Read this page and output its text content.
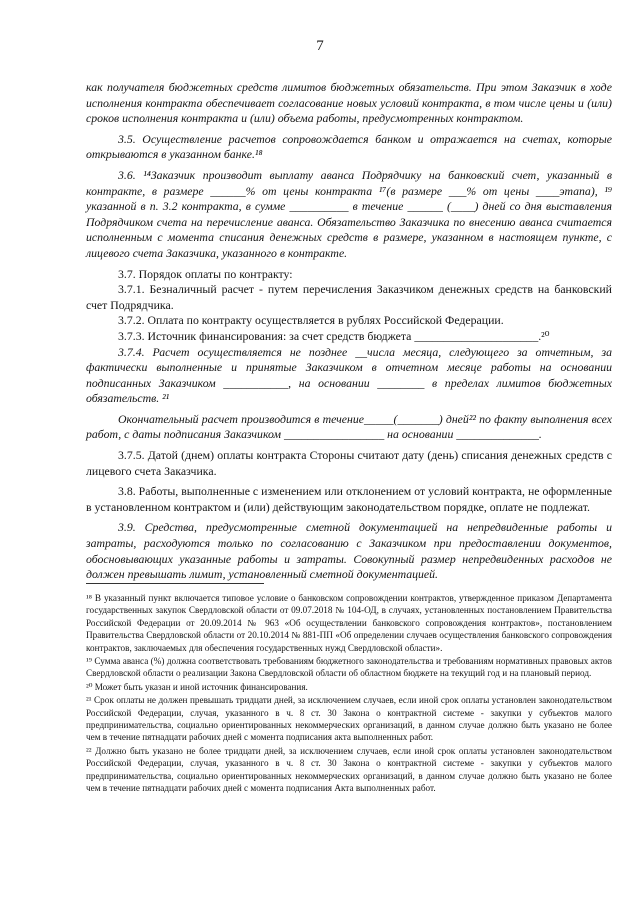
7

как получателя бюджетных средств лимитов бюджетных обязательств. При этом Заказчик в ходе исполнения контракта обеспечивает согласование новых условий контракта, в том числе цены и (или) сроков исполнения контракта и (или) объема работы, предусмотренных контрактом.

3.5. Осуществление расчетов сопровождается банком и отражается на счетах, которые открываются в указанном банке.¹⁸

3.6. ¹⁴Заказчик производит выплату аванса Подрядчику на банковский счет, указанный в контракте, в размере ______% от цены контракта ¹⁷(в размере ___% от цены ____этапа), ¹⁹ указанной в п. 3.2 контракта, в сумме __________ в течение ______ (____) дней со дня выставления Подрядчиком счета на перечисление аванса. Обязательство Заказчика по внесению аванса считается исполненным с момента списания денежных средств в размере, указанном в настоящем пункте, с лицевого счета Заказчика, указанного в контракте.

3.7. Порядок оплаты по контракту:

3.7.1. Безналичный расчет - путем перечисления Заказчиком денежных средств на банковский счет Подрядчика.

3.7.2. Оплата по контракту осуществляется в рублях Российской Федерации.

3.7.3. Источник финансирования: за счет средств бюджета _____________________.²⁰

3.7.4. Расчет осуществляется не позднее __числа месяца, следующего за отчетным, за фактически выполненные и принятые Заказчиком в отчетном месяце работы на основании подписанных Заказчиком ___________, на основании ________ в пределах лимитов бюджетных обязательств. ²¹

Окончательный расчет производится в течение_____(_______) дней²² по факту выполнения всех работ, с даты подписания Заказчиком _________________ на основании ______________.

3.7.5. Датой (днем) оплаты контракта Стороны считают дату (день) списания денежных средств с лицевого счета Заказчика.

3.8. Работы, выполненные с изменением или отклонением от условий контракта, не оформленные в установленном контрактом и (или) действующим законодательством порядке, оплате не подлежат.

3.9. Средства, предусмотренные сметной документацией на непредвиденные работы и затраты, расходуются только по согласованию с Заказчиком при предоставлении документов, обосновывающих указанные работы и затраты. Совокупный размер непредвиденных расходов не должен превышать лимит, установленный сметной документацией.

¹⁸ В указанный пункт включается типовое условие о банковском сопровождении контрактов, утвержденное приказом Департамента государственных закупок Свердловской области от 09.07.2018 № 104-ОД, в случаях, установленных постановлением Правительства Российской Федерации от 20.09.2014 № 963 «Об осуществлении банковского сопровождения контрактов», постановлением Правительства Свердловской области от 20.10.2014 № 881-ПП «Об определении случаев осуществления банковского сопровождения контрактов, заключаемых для обеспечения государственных нужд Свердловской области».

¹⁹ Сумма аванса (%) должна соответствовать требованиям бюджетного законодательства и требованиям нормативных правовых актов Свердловской области о реализации Закона Свердловской области об областном бюджете на текущий год и на плановый период.

²⁰ Может быть указан и иной источник финансирования.

²¹ Срок оплаты не должен превышать тридцати дней, за исключением случаев, если иной срок оплаты установлен законодательством Российской Федерации, случая, указанного в ч. 8 ст. 30 Закона о контрактной системе - закупки у субъектов малого предпринимательства, социально ориентированных некоммерческих организаций, в данном случае должно быть указано не более чем в течение пятнадцати рабочих дней с момента подписания акта выполненных работ.

²² Должно быть указано не более тридцати дней, за исключением случаев, если иной срок оплаты установлен законодательством Российской Федерации, случая, указанного в ч. 8 ст. 30 Закона о контрактной системе - закупки у субъектов малого предпринимательства, социально ориентированных некоммерческих организаций, в данном случае должно быть указано не более чем в течение пятнадцати рабочих дней с момента подписания Акта выполненных работ.
